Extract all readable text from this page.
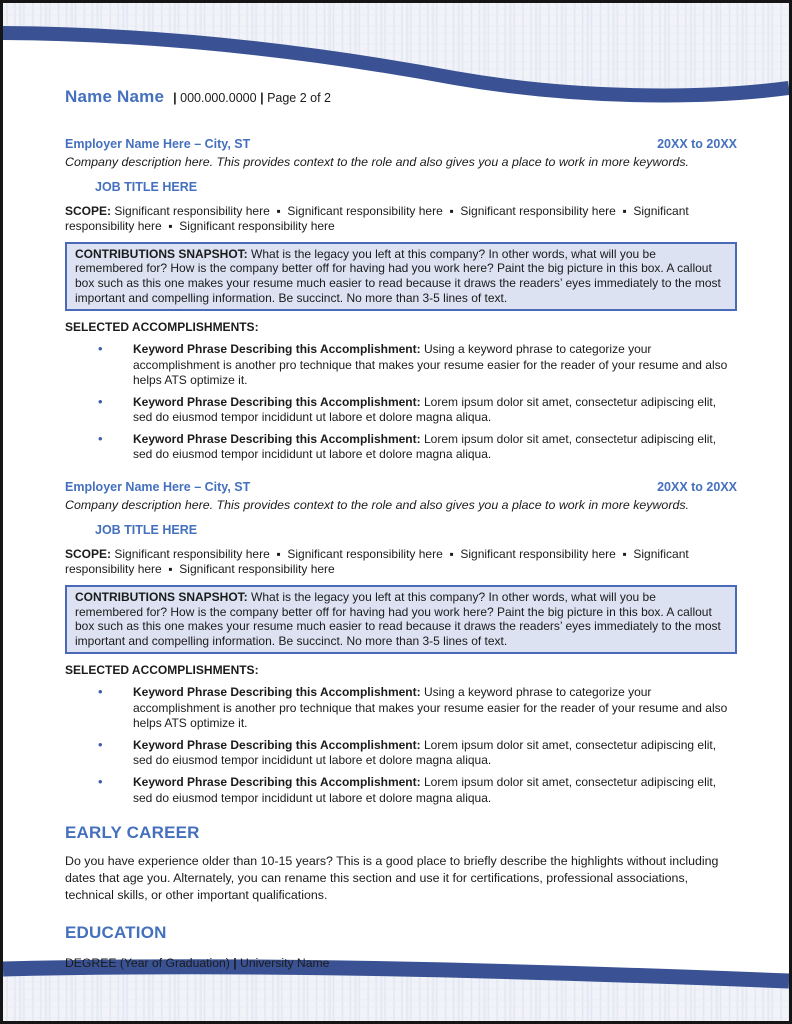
Name Name | 000.000.0000 | Page 2 of 2
Employer Name Here – City, ST	20XX to 20XX
Company description here. This provides context to the role and also gives you a place to work in more keywords.
JOB TITLE HERE
SCOPE: Significant responsibility here  ▪  Significant responsibility here  ▪  Significant responsibility here  ▪  Significant responsibility here  ▪  Significant responsibility here
CONTRIBUTIONS SNAPSHOT: What is the legacy you left at this company? In other words, what will you be remembered for? How is the company better off for having had you work here? Paint the big picture in this box. A callout box such as this one makes your resume much easier to read because it draws the readers’ eyes immediately to the most important and compelling information. Be succinct. No more than 3-5 lines of text.
SELECTED ACCOMPLISHMENTS:
•	Keyword Phrase Describing this Accomplishment: Using a keyword phrase to categorize your accomplishment is another pro technique that makes your resume easier for the reader of your resume and also helps ATS optimize it.
•	Keyword Phrase Describing this Accomplishment: Lorem ipsum dolor sit amet, consectetur adipiscing elit, sed do eiusmod tempor incididunt ut labore et dolore magna aliqua.
•	Keyword Phrase Describing this Accomplishment: Lorem ipsum dolor sit amet, consectetur adipiscing elit, sed do eiusmod tempor incididunt ut labore et dolore magna aliqua.
Employer Name Here – City, ST	20XX to 20XX
Company description here. This provides context to the role and also gives you a place to work in more keywords.
JOB TITLE HERE
SCOPE: Significant responsibility here  ▪  Significant responsibility here  ▪  Significant responsibility here  ▪  Significant responsibility here  ▪  Significant responsibility here
CONTRIBUTIONS SNAPSHOT: What is the legacy you left at this company? In other words, what will you be remembered for? How is the company better off for having had you work here? Paint the big picture in this box. A callout box such as this one makes your resume much easier to read because it draws the readers’ eyes immediately to the most important and compelling information. Be succinct. No more than 3-5 lines of text.
SELECTED ACCOMPLISHMENTS:
•	Keyword Phrase Describing this Accomplishment: Using a keyword phrase to categorize your accomplishment is another pro technique that makes your resume easier for the reader of your resume and also helps ATS optimize it.
•	Keyword Phrase Describing this Accomplishment: Lorem ipsum dolor sit amet, consectetur adipiscing elit, sed do eiusmod tempor incididunt ut labore et dolore magna aliqua.
•	Keyword Phrase Describing this Accomplishment: Lorem ipsum dolor sit amet, consectetur adipiscing elit, sed do eiusmod tempor incididunt ut labore et dolore magna aliqua.
EARLY CAREER

Do you have experience older than 10-15 years? This is a good place to briefly describe the highlights without including dates that age you. Alternately, you can rename this section and use it for certifications, professional associations, technical skills, or other important qualifications.

EDUCATION

DEGREE (Year of Graduation) | University Name
